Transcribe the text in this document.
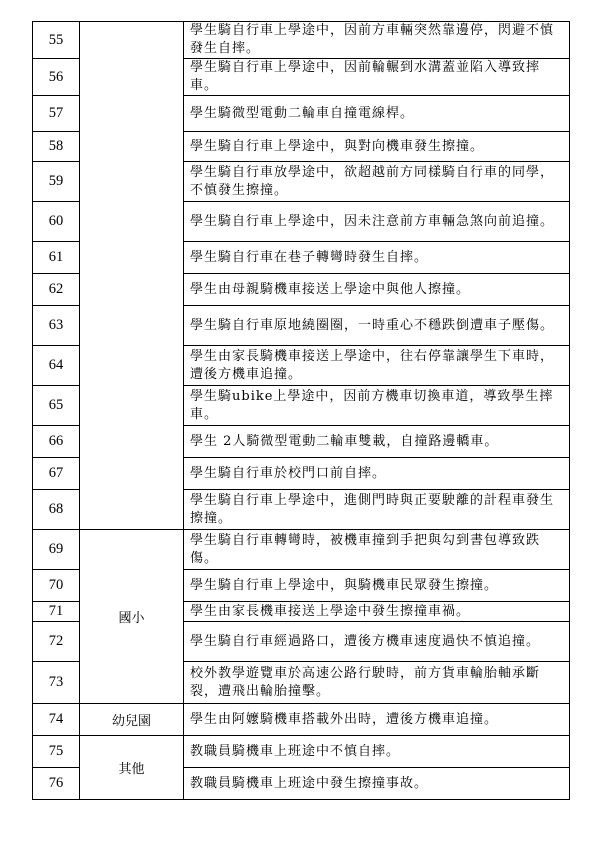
55		學生騎自行車上學途中，因前方車輛突然靠邊停，閃避不慎發生自摔。
56		學生騎自行車上學途中，因前輪輾到水溝蓋並陷入導致摔車。
57		學生騎微型電動二輪車自撞電線桿。
58		學生騎自行車上學途中，與對向機車發生擦撞。
59		學生騎自行車放學途中，欲超越前方同樣騎自行車的同學，不慎發生擦撞。
60		學生騎自行車上學途中，因未注意前方車輛急煞向前追撞。
61		學生騎自行車在巷子轉彎時發生自摔。
62		學生由母親騎機車接送上學途中與他人擦撞。
63		學生騎自行車原地繞圈圈，一時重心不穩跌倒遭車子壓傷。
64		學生由家長騎機車接送上學途中，往右停靠讓學生下車時，遭後方機車追撞。
65		學生騎ubike上學途中，因前方機車切換車道，導致學生摔車。
66		學生 2人騎微型電動二輪車雙載，自撞路邊轎車。
67		學生騎自行車於校門口前自摔。
68		學生騎自行車上學途中，進側門時與正要駛離的計程車發生擦撞。
69	國小	學生騎自行車轉彎時，被機車撞到手把與勾到書包導致跌傷。
70		學生騎自行車上學途中，與騎機車民眾發生擦撞。
71		學生由家長機車接送上學途中發生擦撞車禍。
72		學生騎自行車經過路口，遭後方機車速度過快不慎追撞。
73		校外教學遊覽車於高速公路行駛時，前方貨車輪胎軸承斷裂，遭飛出輪胎撞擊。
74	幼兒園	學生由阿嬤騎機車搭載外出時，遭後方機車追撞。
75	其他	教職員騎機車上班途中不慎自摔。
76		教職員騎機車上班途中發生擦撞事故。
